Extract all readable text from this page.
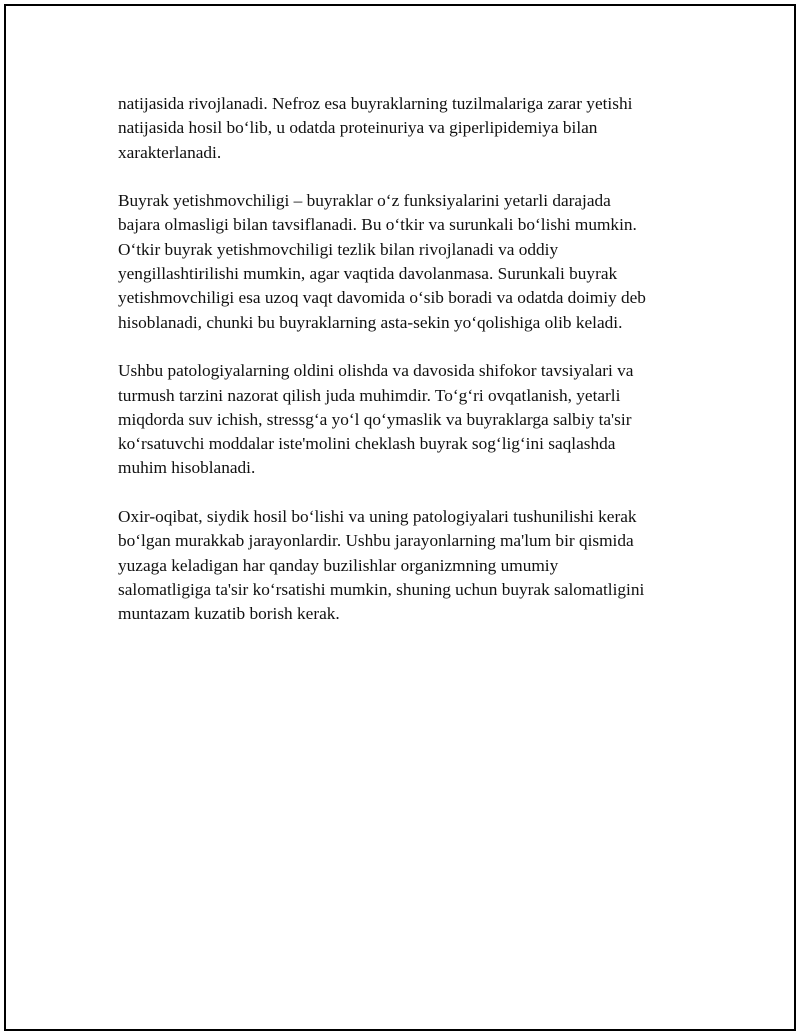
natijasida rivojlanadi. Nefroz esa buyraklarning tuzilmalariga zarar yetishi
natijasida hosil boʻlib, u odatda proteinuriya va giperlipidemiya bilan
xarakterlanadi.

Buyrak yetishmovchiligi – buyraklar oʻz funksiyalarini yetarli darajada
bajara olmasligi bilan tavsiflanadi. Bu oʻtkir va surunkali boʻlishi mumkin.
Oʻtkir buyrak yetishmovchiligi tezlik bilan rivojlanadi va oddiy
yengillashtirilishi mumkin, agar vaqtida davolanmasa. Surunkali buyrak
yetishmovchiligi esa uzoq vaqt davomida oʻsib boradi va odatda doimiy deb
hisoblanadi, chunki bu buyraklarning asta-sekin yoʻqolishiga olib keladi.

Ushbu patologiyalarning oldini olishda va davosida shifokor tavsiyalari va
turmush tarzini nazorat qilish juda muhimdir. Toʻgʻri ovqatlanish, yetarli
miqdorda suv ichish, stressgʻa yoʻl qoʻymaslik va buyraklarga salbiy ta'sir
koʻrsatuvchi moddalar iste'molini cheklash buyrak sogʻligʻini saqlashda
muhim hisoblanadi.

Oxir-oqibat, siydik hosil boʻlishi va uning patologiyalari tushunilishi kerak
boʻlgan murakkab jarayonlardir. Ushbu jarayonlarning ma'lum bir qismida
yuzaga keladigan har qanday buzilishlar organizmning umumiy
salomatligiga ta'sir koʻrsatishi mumkin, shuning uchun buyrak salomatligini
muntazam kuzatib borish kerak.
